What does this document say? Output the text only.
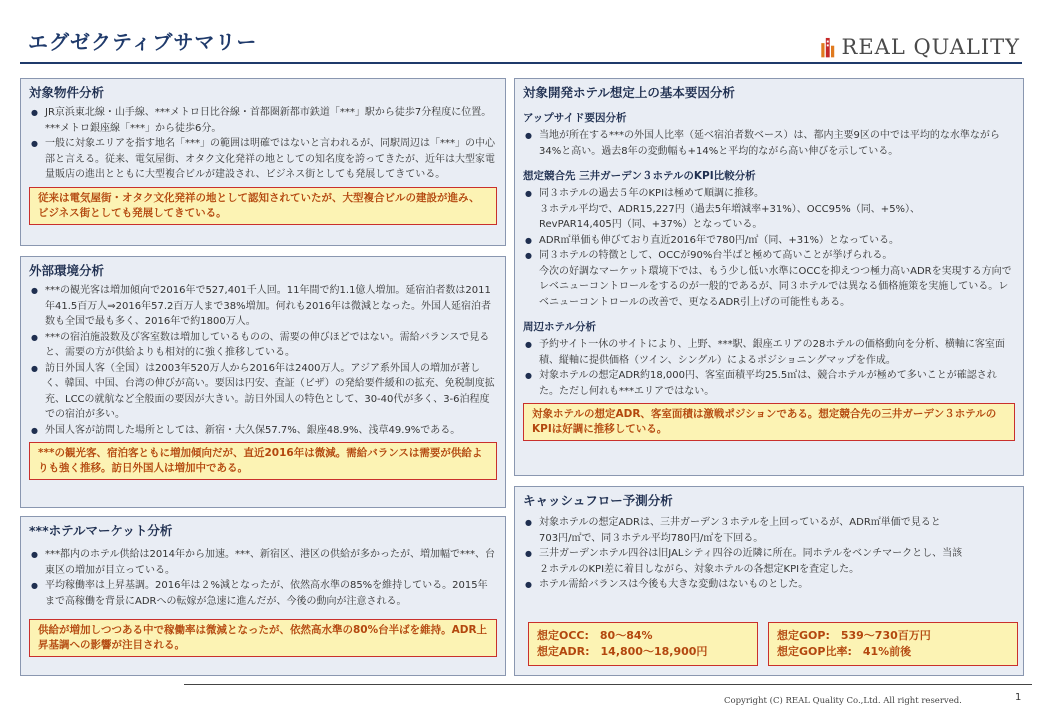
エグゼクティブサマリー	REAL QUALITY
対象物件分析
● JR京浜東北線・山手線、***メトロ日比谷線・首都圏新都市鉄道「***」駅から徒歩7分程度に位置。***メトロ銀座線「***」から徒歩6分。
● 一般に対象エリアを指す地名「***」の範囲は明確ではないと言われるが、同駅周辺は「***」の中心部と言える。従来、電気屋街、オタク文化発祥の地としての知名度を誇ってきたが、近年は大型家電量販店の進出とともに大型複合ビルが建設され、ビジネス街としても発展してきている。
従来は電気屋街・オタク文化発祥の地として認知されていたが、大型複合ビルの建設が進み、ビジネス街としても発展してきている。
外部環境分析
● ***の観光客は増加傾向で2016年で527,401千人回。11年間で約1.1億人増加。延宿泊者数は2011年41.5百万人⇒2016年57.2百万人まで38%増加。何れも2016年は微減となった。外国人延宿泊者数も全国で最も多く、2016年で約1800万人。
● ***の宿泊施設数及び客室数は増加しているものの、需要の伸びほどではない。需給バランスで見ると、需要の方が供給よりも相対的に強く推移している。
● 訪日外国人客（全国）は2003年520万人から2016年は2400万人。アジア系外国人の増加が著しく、韓国、中国、台湾の伸びが高い。要因は円安、査証（ビザ）の発給要件緩和の拡充、免税制度拡充、LCCの就航など全般面の要因が大きい。訪日外国人の特色として、30-40代が多く、3-6泊程度での宿泊が多い。
● 外国人客が訪問した場所としては、新宿・大久保57.7%、銀座48.9%、浅草49.9%である。
***の観光客、宿泊客ともに増加傾向だが、直近2016年は微減。需給バランスは需要が供給よりも強く推移。訪日外国人は増加中である。
***ホテルマーケット分析
● ***都内のホテル供給は2014年から加速。***、新宿区、港区の供給が多かったが、増加幅で***、台東区の増加が目立っている。
● 平均稼働率は上昇基調。2016年は２%減となったが、依然高水準の85%を維持している。2015年まで高稼働を背景にADRへの転嫁が急速に進んだが、今後の動向が注意される。
供給が増加しつつある中で稼働率は微減となったが、依然高水準の80%台半ばを維持。ADR上昇基調への影響が注目される。
対象開発ホテル想定上の基本要因分析
アップサイド要因分析
● 当地が所在する***の外国人比率（延べ宿泊者数ベース）は、都内主要9区の中では平均的な水準ながら34%と高い。過去8年の変動幅も+14%と平均的ながら高い伸びを示している。
想定競合先 三井ガーデン３ホテルのKPI比較分析
● 同３ホテルの過去５年のKPIは極めて順調に推移。
３ホテル平均で、ADR15,227円（過去5年増減率+31%）、OCC95%（同、+5%）、
RevPAR14,405円（同、+37%）となっている。
● ADR㎡単価も伸びており直近2016年で780円/㎡（同、+31%）となっている。
● 同３ホテルの特徴として、OCCが90%台半ばと極めて高いことが挙げられる。
今次の好調なマーケット環境下では、もう少し低い水準にOCCを抑えつつ極力高いADRを実現する方向でレベニューコントロールをするのが一般的であるが、同３ホテルでは異なる価格施策を実施している。レベニューコントロールの改善で、更なるADR引上げの可能性もある。
周辺ホテル分析
● 予約サイト一休のサイトにより、上野、***駅、銀座エリアの28ホテルの価格動向を分析、横軸に客室面積、縦軸に提供価格（ツイン、シングル）によるポジショニングマップを作成。
● 対象ホテルの想定ADR約18,000円、客室面積平均25.5㎡は、競合ホテルが極めて多いことが確認された。ただし何れも***エリアではない。
対象ホテルの想定ADR、客室面積は激戦ポジションである。想定競合先の三井ガーデン３ホテルのKPIは好調に推移している。
キャッシュフロー予測分析
● 対象ホテルの想定ADRは、三井ガーデン３ホテルを上回っているが、ADR㎡単価で見ると
703円/㎡で、同３ホテル平均780円/㎡を下回る。
● 三井ガーデンホテル四谷は旧JALシティ四谷の近隣に所在。同ホテルをベンチマークとし、当該
２ホテルのKPI差に着目しながら、対象ホテルの各想定KPIを査定した。
● ホテル需給バランスは今後も大きな変動はないものとした。
想定OCC:　80～84%
想定ADR:　14,800～18,900円
想定GOP:　539～730百万円
想定GOP比率:　41%前後
Copyright (C) REAL Quality Co.,Ltd. All right reserved.	1
